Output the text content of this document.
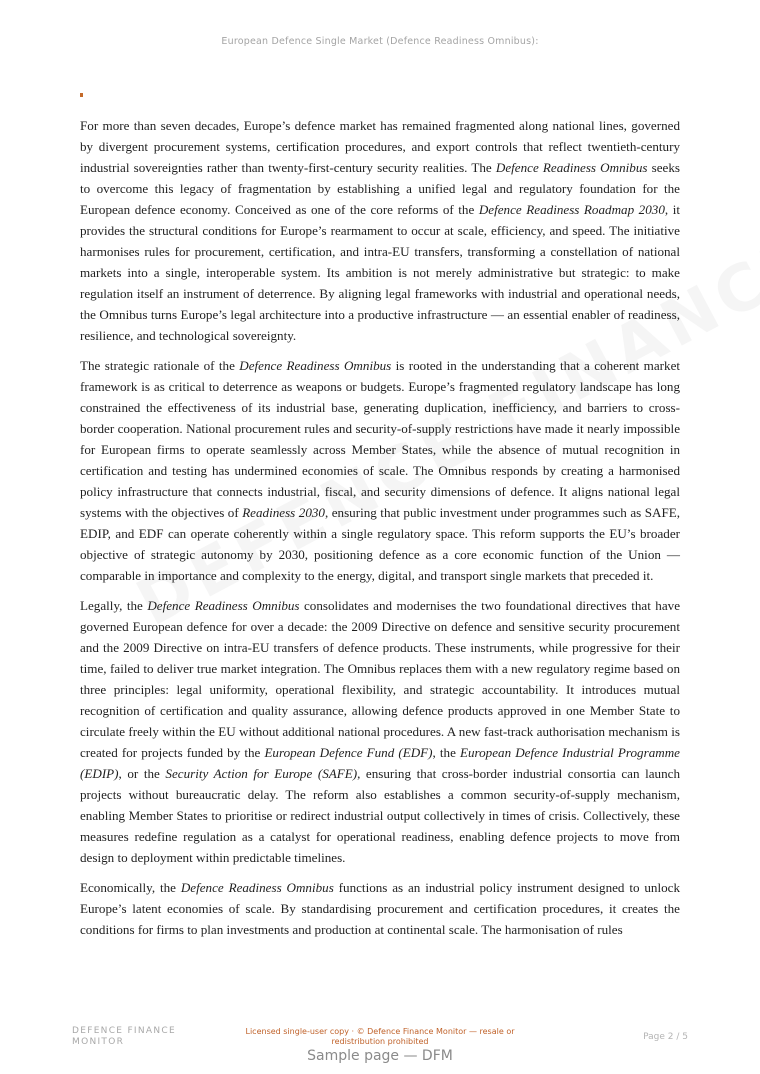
European Defence Single Market (Defence Readiness Omnibus):

For more than seven decades, Europe’s defence market has remained fragmented along national lines, governed by divergent procurement systems, certification procedures, and export controls that reflect twentieth-century industrial sovereignties rather than twenty-first-century security realities. The Defence Readiness Omnibus seeks to overcome this legacy of fragmentation by establishing a unified legal and regulatory foundation for the European defence economy. Conceived as one of the core reforms of the Defence Readiness Roadmap 2030, it provides the structural conditions for Europe’s rearmament to occur at scale, efficiency, and speed. The initiative harmonises rules for procurement, certification, and intra-EU transfers, transforming a constellation of national markets into a single, interoperable system. Its ambition is not merely administrative but strategic: to make regulation itself an instrument of deterrence. By aligning legal frameworks with industrial and operational needs, the Omnibus turns Europe’s legal architecture into a productive infrastructure — an essential enabler of readiness, resilience, and technological sovereignty.

The strategic rationale of the Defence Readiness Omnibus is rooted in the understanding that a coherent market framework is as critical to deterrence as weapons or budgets. Europe’s fragmented regulatory landscape has long constrained the effectiveness of its industrial base, generating duplication, inefficiency, and barriers to cross-border cooperation. National procurement rules and security-of-supply restrictions have made it nearly impossible for European firms to operate seamlessly across Member States, while the absence of mutual recognition in certification and testing has undermined economies of scale. The Omnibus responds by creating a harmonised policy infrastructure that connects industrial, fiscal, and security dimensions of defence. It aligns national legal systems with the objectives of Readiness 2030, ensuring that public investment under programmes such as SAFE, EDIP, and EDF can operate coherently within a single regulatory space. This reform supports the EU’s broader objective of strategic autonomy by 2030, positioning defence as a core economic function of the Union — comparable in importance and complexity to the energy, digital, and transport single markets that preceded it.

Legally, the Defence Readiness Omnibus consolidates and modernises the two foundational directives that have governed European defence for over a decade: the 2009 Directive on defence and sensitive security procurement and the 2009 Directive on intra-EU transfers of defence products. These instruments, while progressive for their time, failed to deliver true market integration. The Omnibus replaces them with a new regulatory regime based on three principles: legal uniformity, operational flexibility, and strategic accountability. It introduces mutual recognition of certification and quality assurance, allowing defence products approved in one Member State to circulate freely within the EU without additional national procedures. A new fast-track authorisation mechanism is created for projects funded by the European Defence Fund (EDF), the European Defence Industrial Programme (EDIP), or the Security Action for Europe (SAFE), ensuring that cross-border industrial consortia can launch projects without bureaucratic delay. The reform also establishes a common security-of-supply mechanism, enabling Member States to prioritise or redirect industrial output collectively in times of crisis. Collectively, these measures redefine regulation as a catalyst for operational readiness, enabling defence projects to move from design to deployment within predictable timelines.

Economically, the Defence Readiness Omnibus functions as an industrial policy instrument designed to unlock Europe’s latent economies of scale. By standardising procurement and certification procedures, it creates the conditions for firms to plan investments and production at continental scale. The harmonisation of rules

DEFENCE FINANCE MONITOR
Licensed single-user copy · © Defence Finance Monitor — resale or redistribution prohibited	Page 2 / 5
Sample page — DFM
